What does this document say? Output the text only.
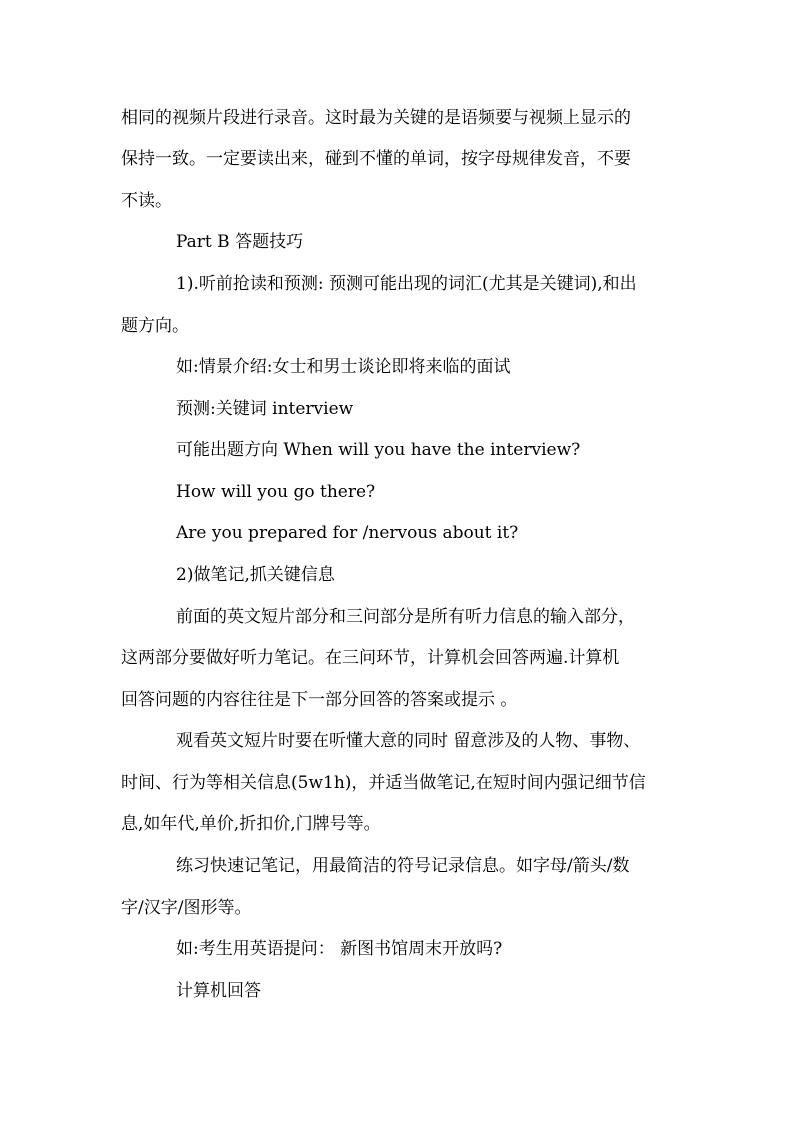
相同的视频片段进行录音。这时最为关键的是语频要与视频上显示的
保持一致。一定要读出来，碰到不懂的单词，按字母规律发音，不要
不读。
Part B 答题技巧
1).听前抢读和预测: 预测可能出现的词汇(尤其是关键词),和出
题方向。
如:情景介绍:女士和男士谈论即将来临的面试
预测:关键词 interview
可能出题方向 When will you have the interview?
How will you go there?
Are you prepared for /nervous about it?
2)做笔记,抓关键信息
前面的英文短片部分和三问部分是所有听力信息的输入部分，
这两部分要做好听力笔记。在三问环节，计算机会回答两遍.计算机
回答问题的内容往往是下一部分回答的答案或提示 。
观看英文短片时要在听懂大意的同时 留意涉及的人物、事物、
时间、行为等相关信息(5w1h)，并适当做笔记,在短时间内强记细节信
息,如年代,单价,折扣价,门牌号等。
练习快速记笔记，用最简洁的符号记录信息。如字母/箭头/数
字/汉字/图形等。
如:考生用英语提问： 新图书馆周末开放吗?
计算机回答
